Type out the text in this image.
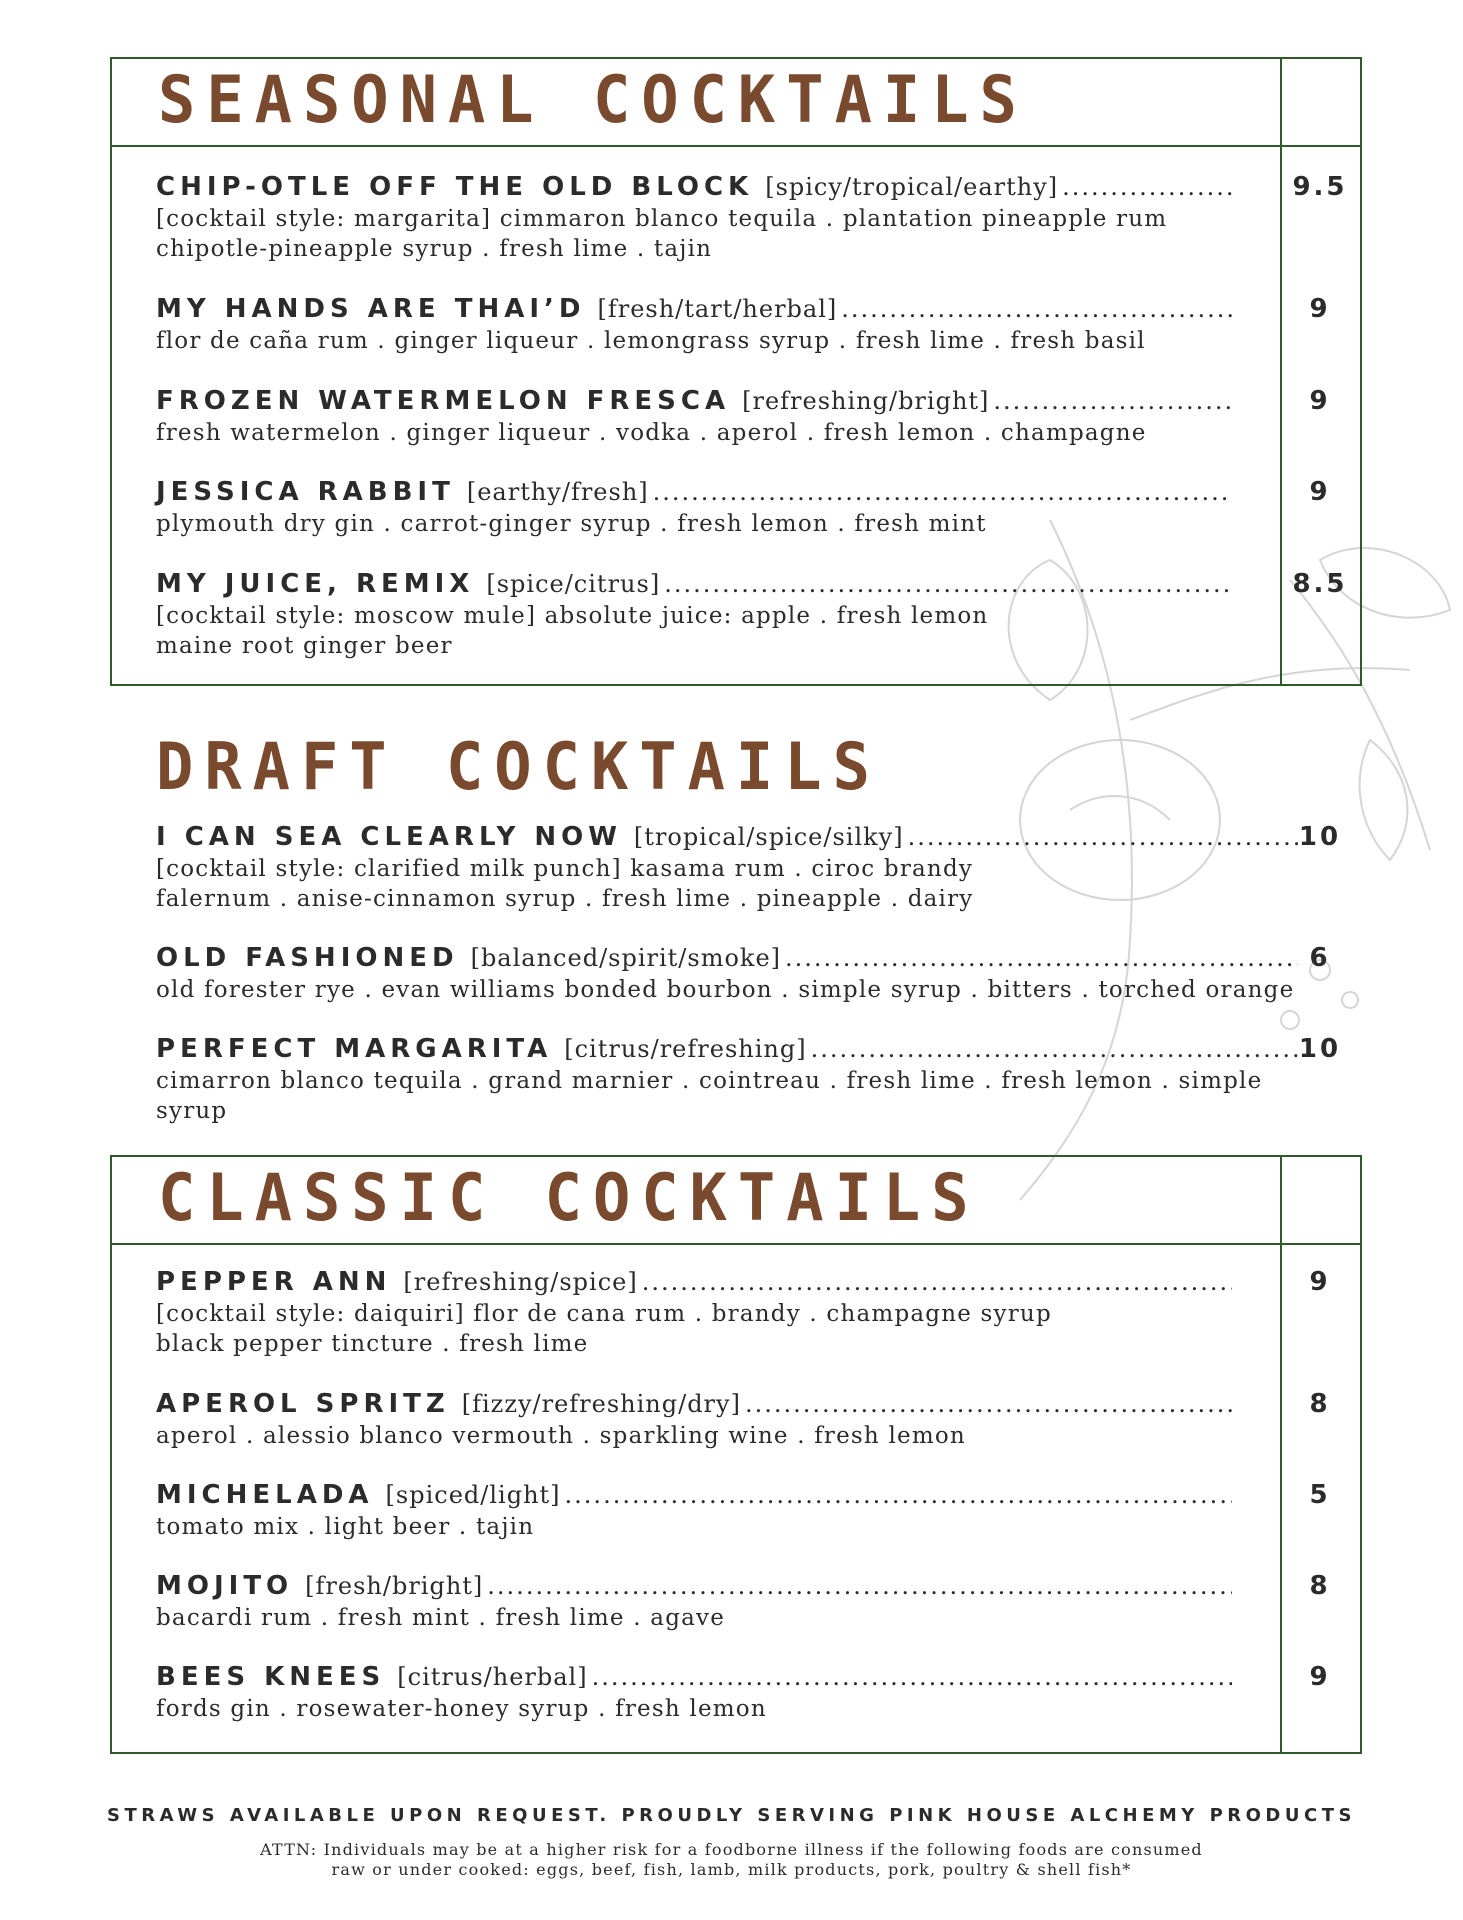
SEASONAL COCKTAILS
CHIP-OTLE OFF THE OLD BLOCK [spicy/tropical/earthy]
.....
[cocktail style: margarita] cimmaron blanco tequila . plantation pineapple rum
chipotle-pineapple syrup . fresh lime . tajin
9.5
MY HANDS ARE THAI’D [fresh/tart/herbal]
.....
flor de caña rum . ginger liqueur . lemongrass syrup . fresh lime . fresh basil
9
FROZEN WATERMELON FRESCA [refreshing/bright]
.....
fresh watermelon . ginger liqueur . vodka . aperol . fresh lemon . champagne
9
JESSICA RABBIT [earthy/fresh]
.....
plymouth dry gin . carrot-ginger syrup . fresh lemon . fresh mint
9
MY JUICE, REMIX [spice/citrus]
.....
[cocktail style: moscow mule] absolute juice: apple . fresh lemon
maine root ginger beer
8.5
DRAFT COCKTAILS
I CAN SEA CLEARLY NOW [tropical/spice/silky]
.....
[cocktail style: clarified milk punch] kasama rum . ciroc brandy
falernum . anise-cinnamon syrup . fresh lime . pineapple . dairy
10
OLD FASHIONED [balanced/spirit/smoke]
.....
old forester rye . evan williams bonded bourbon . simple syrup . bitters . torched orange
6
PERFECT MARGARITA [citrus/refreshing]
.....
cimarron blanco tequila . grand marnier . cointreau . fresh lime . fresh lemon . simple syrup
10
CLASSIC COCKTAILS
PEPPER ANN [refreshing/spice]
.....
[cocktail style: daiquiri] flor de cana rum . brandy . champagne syrup
black pepper tincture . fresh lime
9
APEROL SPRITZ [fizzy/refreshing/dry]
.....
aperol . alessio blanco vermouth . sparkling wine . fresh lemon
8
MICHELADA [spiced/light]
.....
tomato mix . light beer . tajin
5
MOJITO [fresh/bright]
.....
bacardi rum . fresh mint . fresh lime . agave
8
BEES KNEES [citrus/herbal]
.....
fords gin . rosewater-honey syrup . fresh lemon
9
STRAWS AVAILABLE UPON REQUEST. PROUDLY SERVING PINK HOUSE ALCHEMY PRODUCTS
ATTN: Individuals may be at a higher risk for a foodborne illness if the following foods are consumed
raw or under cooked: eggs, beef, fish, lamb, milk products, pork, poultry & shell fish*
